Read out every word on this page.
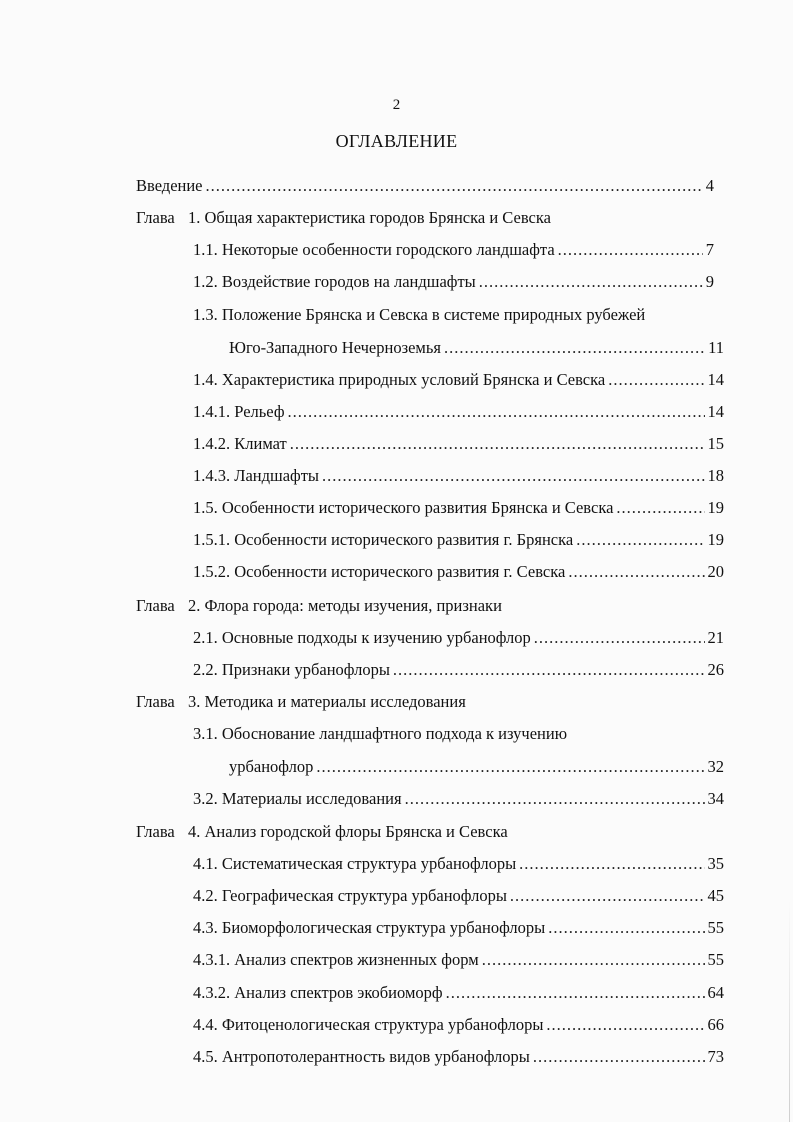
2
ОГЛАВЛЕНИЕ
Введение .....	4
Глава 1. Общая характеристика городов Брянска и Севска
1.1. Некоторые особенности городского ландшафта .....	7
1.2. Воздействие городов на ландшафты .....	9
1.3. Положение Брянска и Севска в системе природных рубежей
Юго-Западного Нечерноземья .....	11
1.4. Характеристика природных условий Брянска и Севска .....	14
1.4.1. Рельеф .....	14
1.4.2. Климат .....	15
1.4.3. Ландшафты .....	18
1.5. Особенности исторического развития Брянска и Севска .....	19
1.5.1. Особенности исторического развития г. Брянска .....	19
1.5.2. Особенности исторического развития г. Севска .....	20
Глава 2. Флора города: методы изучения, признаки
2.1. Основные подходы к изучению урбанофлор .....	21
2.2. Признаки урбанофлоры .....	26
Глава 3. Методика и материалы исследования
3.1. Обоснование ландшафтного подхода к изучению
урбанофлор .....	32
3.2. Материалы исследования .....	34
Глава 4. Анализ городской флоры Брянска и Севска
4.1. Систематическая структура урбанофлоры .....	35
4.2. Географическая структура урбанофлоры .....	45
4.3. Биоморфологическая структура урбанофлоры .....	55
4.3.1. Анализ спектров жизненных форм .....	55
4.3.2. Анализ спектров экобиоморф .....	64
4.4. Фитоценологическая структура урбанофлоры .....	66
4.5. Антропотолерантность видов урбанофлоры .....	73
